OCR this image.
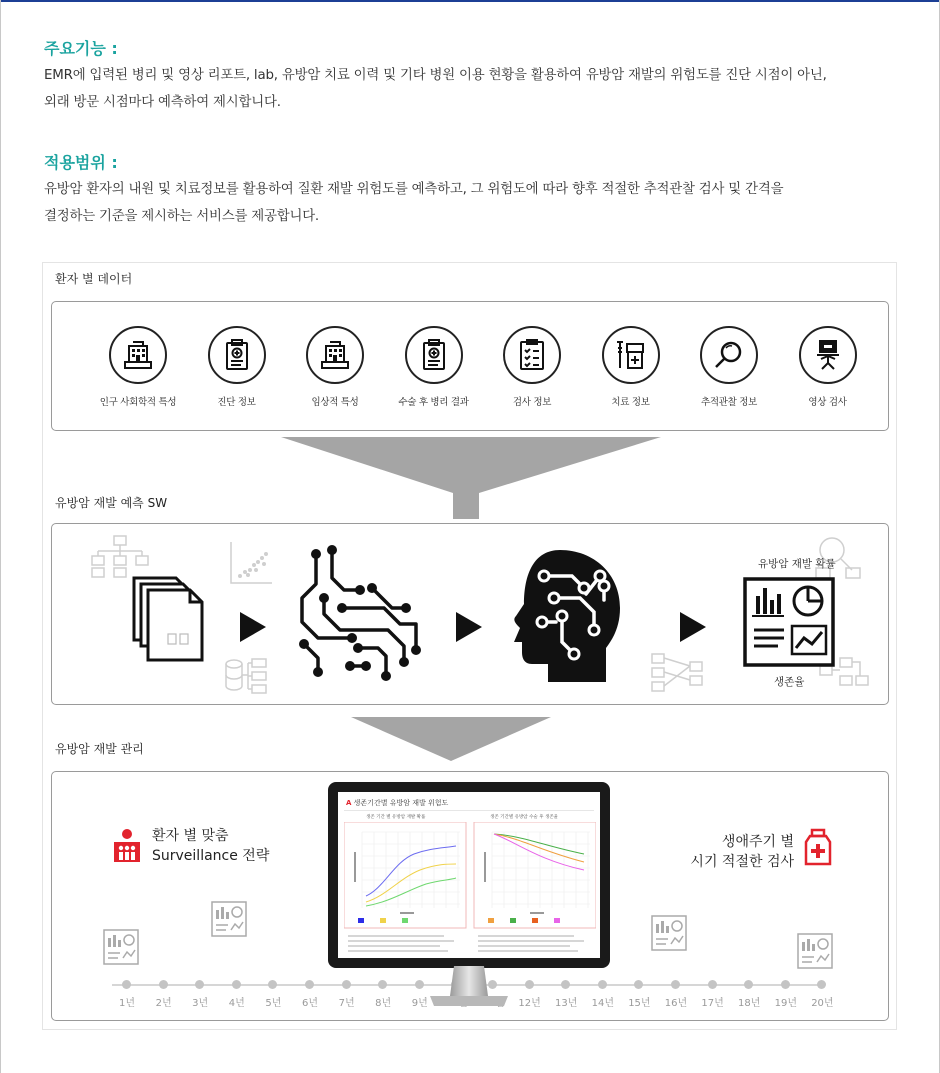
주요기능 :
EMR에 입력된 병리 및 영상 리포트, lab, 유방암 치료 이력 및 기타 병원 이용 현황을 활용하여 유방암 재발의 위험도를 진단 시점이 아닌,
외래 방문 시점마다 예측하여 제시합니다.
적용범위 :
유방암 환자의 내원 및 치료정보를 활용하여 질환 재발 위험도를 예측하고, 그 위험도에 따라 향후 적절한 추적관찰 검사 및 간격을
결정하는 기준을 제시하는 서비스를 제공합니다.
환자 별 데이터
인구 사회학적 특성	진단 정보	임상적 특성	수술 후 병리 결과	검사 정보	치료 정보	추적관찰 정보	영상 검사
유방암 재발 예측 SW
유방암 재발 확률
생존율
유방암 재발 관리
환자 별 맞춤
Surveillance 전략
생애주기 별
시기 적절한 검사
1년	2년	3년	4년	5년	6년	7년	8년	9년	12년	13년	14년	15년	16년	17년	18년	19년	20년
A 생존기간별 유방암 재발 위험도
생존 기간 별 유방암 재발 확률	생존 기간별 유방암 수술 후 생존율
